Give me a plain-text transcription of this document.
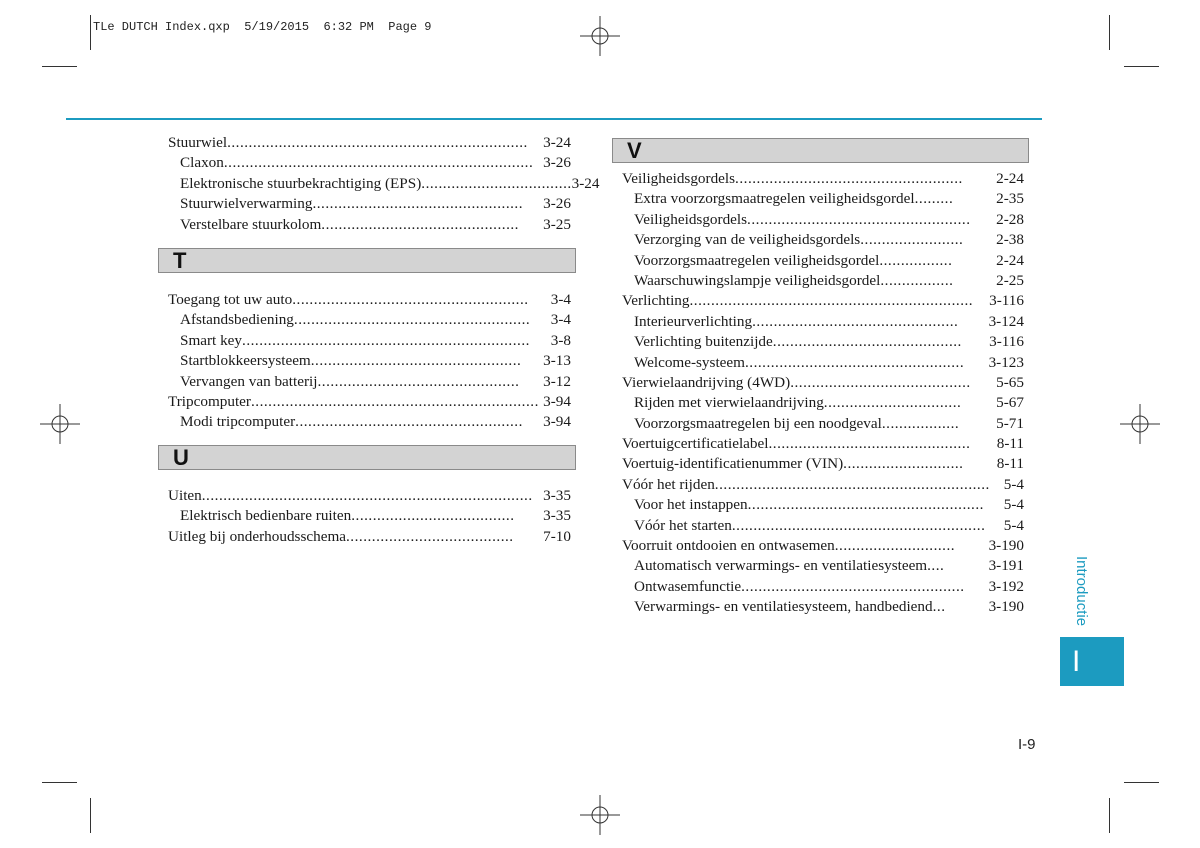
TLe DUTCH Index.qxp  5/19/2015  6:32 PM  Page 9
Stuurwiel ......................................................................	3-24
Claxon ........................................................................ 3-26
Elektronische stuurbekrachtiging (EPS) ................................... 3-24
Stuurwielverwarming .................................................	3-26
Verstelbare stuurkolom ..............................................	3-25
T
Toegang tot uw auto .......................................................	3-4
Afstandsbediening .......................................................	3-4
Smart key ...................................................................	3-8
Startblokkeersysteem .................................................	3-13
Vervangen van batterij ...............................................	3-12
Tripcomputer ................................................................... 3-94
Modi tripcomputer .....................................................	3-94
U
Uiten ............................................................................. 3-35
Elektrisch bedienbare ruiten ......................................	3-35
Uitleg bij onderhoudsschema .......................................	7-10
V
Veiligheidsgordels .....................................................	2-24
Extra voorzorgsmaatregelen veiligheidsgordel .........	2-35
Veiligheidsgordels ....................................................	2-28
Verzorging van de veiligheidsgordels ........................	2-38
Voorzorgsmaatregelen veiligheidsgordel .................	2-24
Waarschuwingslampje veiligheidsgordel .................	2-25
Verlichting ..................................................................	3-116
Interieurverlichting ................................................	3-124
Verlichting buitenzijde ............................................	3-116
Welcome-systeem ...................................................	3-123
Vierwielaandrijving (4WD) ..........................................	5-65
Rijden met vierwielaandrijving ................................	5-67
Voorzorgsmaatregelen bij een noodgeval ..................	5-71
Voertuigcertificatielabel ...............................................	8-11
Voertuig-identificatienummer (VIN) ............................	8-11
Vóór het rijden ................................................................ 5-4
Voor het instappen .......................................................	5-4
Vóór het starten ...........................................................	5-4
Voorruit ontdooien en ontwasemen ............................	3-190
Automatisch verwarmings- en ventilatiesysteem ....	3-191
Ontwasemfunctie ....................................................	3-192
Verwarmings- en ventilatiesysteem, handbediend ...	3-190	Introductie
I
I-9
